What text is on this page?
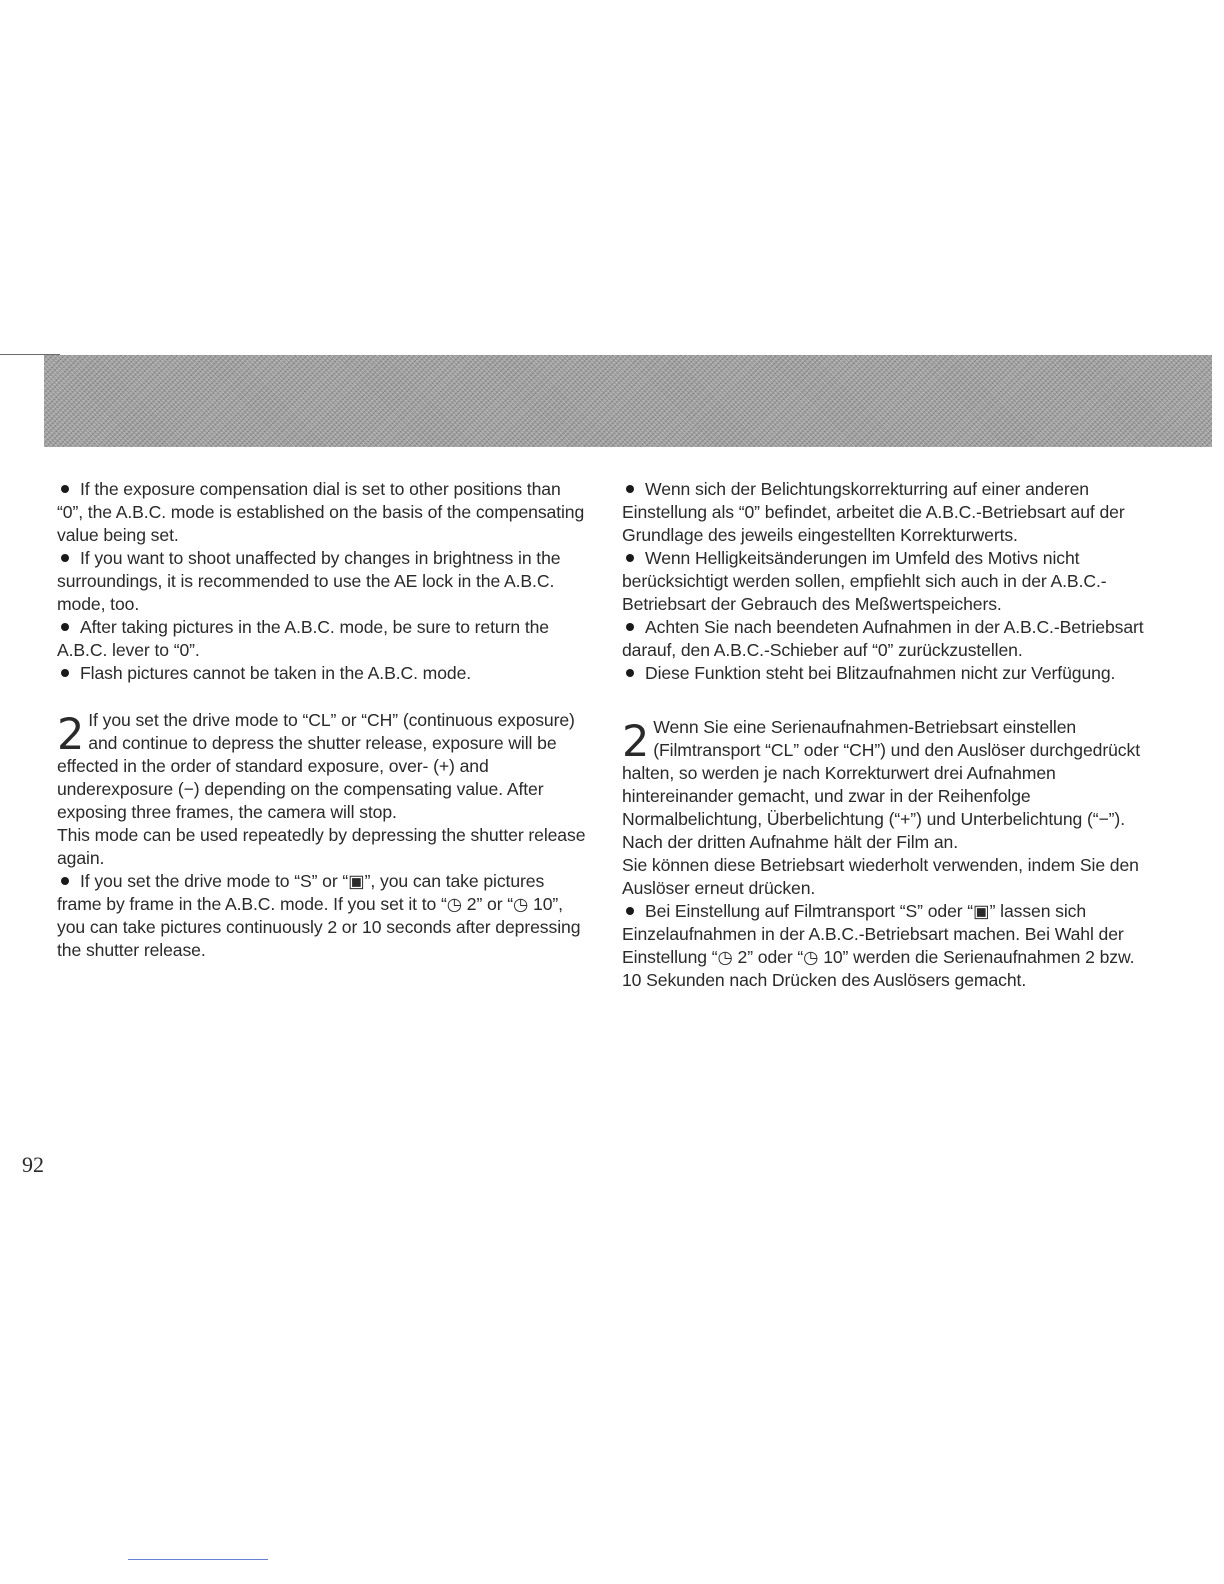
If the exposure compensation dial is set to other positions than “0”, the A.B.C. mode is established on the basis of the compensating value being set.

If you want to shoot unaffected by changes in brightness in the surroundings, it is recommended to use the AE lock in the A.B.C. mode, too.

After taking pictures in the A.B.C. mode, be sure to return the A.B.C. lever to “0”.

Flash pictures cannot be taken in the A.B.C. mode.

2 If you set the drive mode to “CL” or “CH” (continuous exposure) and continue to depress the shutter release, exposure will be effected in the order of standard exposure, over- (+) and underexposure (−) depending on the compensating value. After exposing three frames, the camera will stop.

This mode can be used repeatedly by depressing the shutter release again.

If you set the drive mode to “S” or “▣”, you can take pictures frame by frame in the A.B.C. mode. If you set it to “◷ 2” or “◷ 10”, you can take pictures continuously 2 or 10 seconds after depressing the shutter release.

Wenn sich der Belichtungskorrekturring auf einer anderen Einstellung als “0” befindet, arbeitet die A.B.C.-Betriebsart auf der Grundlage des jeweils eingestellten Korrekturwerts.

Wenn Helligkeitsänderungen im Umfeld des Motivs nicht berücksichtigt werden sollen, empfiehlt sich auch in der A.B.C.-Betriebsart der Gebrauch des Meßwertspeichers.

Achten Sie nach beendeten Aufnahmen in der A.B.C.-Betriebsart darauf, den A.B.C.-Schieber auf “0” zurückzustellen.

Diese Funktion steht bei Blitzaufnahmen nicht zur Verfügung.

2 Wenn Sie eine Serienaufnahmen-Betriebsart einstellen (Filmtransport “CL” oder “CH”) und den Auslöser durchgedrückt halten, so werden je nach Korrekturwert drei Aufnahmen hintereinander gemacht, und zwar in der Reihenfolge Normalbelichtung, Überbelichtung (“+”) und Unterbelichtung (“−”). Nach der dritten Aufnahme hält der Film an.

Sie können diese Betriebsart wiederholt verwenden, indem Sie den Auslöser erneut drücken.

Bei Einstellung auf Filmtransport “S” oder “▣” lassen sich Einzelaufnahmen in der A.B.C.-Betriebsart machen. Bei Wahl der Einstellung “◷ 2” oder “◷ 10” werden die Serienaufnahmen 2 bzw. 10 Sekunden nach Drücken des Auslösers gemacht.

92
